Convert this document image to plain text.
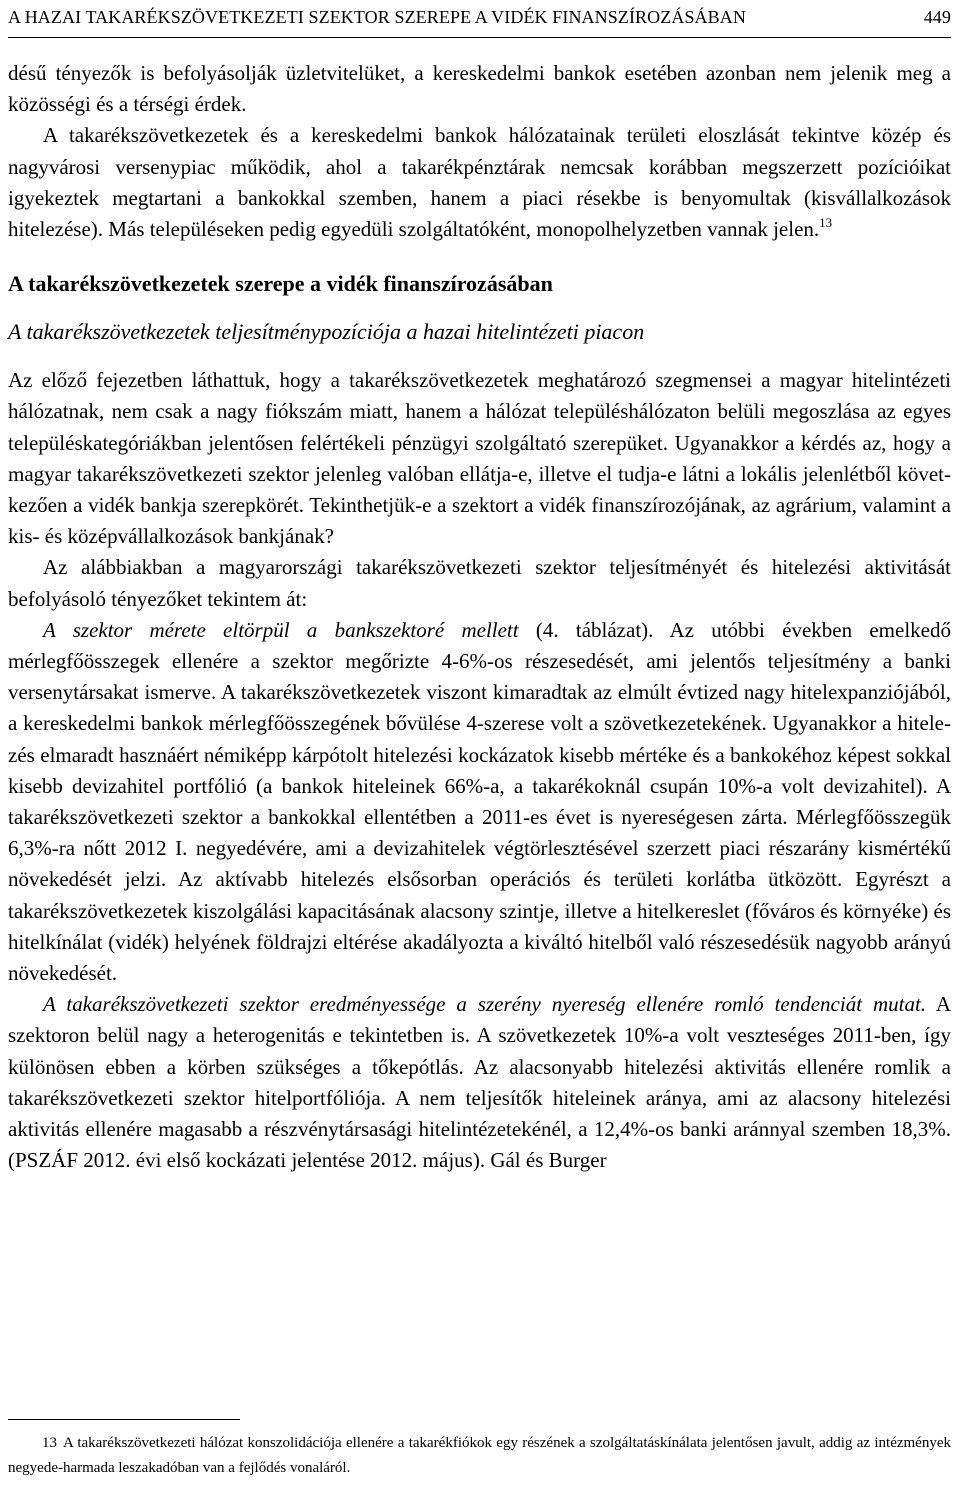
A HAZAI TAKARÉKSZÖVETKEZETI SZEKTOR SZEREPE A VIDÉK FINANSZÍROZÁSÁBAN	449

désű tényezők is befolyásolják üzletvitelüket, a kereskedelmi bankok esetében azonban nem jelenik meg a közösségi és a térségi érdek.

A takarékszövetkezetek és a kereskedelmi bankok hálózatainak területi eloszlását tekintve közép és nagyvárosi versenypiac működik, ahol a takarékpénztárak nemcsak korábban megszerzett pozícióikat igyekeztek megtartani a bankokkal szemben, hanem a piaci résekbe is benyomultak (kisvállalkozások hitelezése). Más településeken pedig egyedüli szolgáltatóként, monopolhelyzetben vannak jelen.$^{13}$

A takarékszövetkezetek szerepe a vidék finanszírozásában

A takarékszövetkezetek teljesítménypozíciója a hazai hitelintézeti piacon

Az előző fejezetben láthattuk, hogy a takarékszövetkezetek meghatározó szegmensei a magyar hitelintézeti hálózatnak, nem csak a nagy fiókszám miatt, hanem a hálózat településhálózaton belüli megoszlása az egyes településkategóriákban jelentősen felértékeli pénzügyi szolgáltató szerepüket. Ugyanakkor a kérdés az, hogy a magyar takarékszövetkezeti szektor jelenleg valóban ellátja-e, illetve el tudja-e látni a lokális jelenlétből következően a vidék bankja szerepkörét. Tekinthetjük-e a szektort a vidék finanszírozójának, az agrárium, valamint a kis- és középvállalkozások bankjának?

Az alábbiakban a magyarországi takarékszövetkezeti szektor teljesítményét és hitelezési aktivitását befolyásoló tényezőket tekintem át:

A szektor mérete eltörpül a bankszektoré mellett (4. táblázat). Az utóbbi években emelkedő mérlegfőösszegek ellenére a szektor megőrizte 4-6%-os részesedését, ami jelentős teljesítmény a banki versenytársakat ismerve. A takarékszövetkezetek viszont kimaradtak az elmúlt évtized nagy hitelexpanziójából, a kereskedelmi bankok mérlegfőösszegének bővülése 4-szerese volt a szövetkezetekének. Ugyanakkor a hitelezés elmaradt hasznáért némiképp kárpótolt hitelezési kockázatok kisebb mértéke és a bankokéhoz képest sokkal kisebb devizahitel portfólió (a bankok hiteleinek 66%-a, a takarékoknál csupán 10%-a volt devizahitel). A takarékszövetkezeti szektor a bankokkal ellentétben a 2011-es évet is nyereségesen zárta. Mérlegfőösszegük 6,3%-ra nőtt 2012 I. negyedévére, ami a devizahitelek végtörlesztésével szerzett piaci részarány kismértékű növekedését jelzi. Az aktívabb hitelezés elsősorban operációs és területi korlátba ütközött. Egyrészt a takarékszövetkezetek kiszolgálási kapacitásának alacsony szintje, illetve a hitelkereslet (főváros és környéke) és hitelkínálat (vidék) helyének földrajzi eltérése akadályozta a kiváltó hitelből való részesedésük nagyobb arányú növekedését.

A takarékszövetkezeti szektor eredményessége a szerény nyereség ellenére romló tendenciát mutat. A szektoron belül nagy a heterogenitás e tekintetben is. A szövetkezetek 10%-a volt veszteséges 2011-ben, így különösen ebben a körben szükséges a tőkepótlás. Az alacsonyabb hitelezési aktivitás ellenére romlik a takarékszövetkezeti szektor hitelportfóliója. A nem teljesítők hiteleinek aránya, ami az alacsony hitelezési aktivitás ellenére magasabb a részvénytársasági hitelintézetekénél, a 12,4%-os banki aránnyal szemben 18,3%. (PSZÁF 2012. évi első kockázati jelentése 2012. május). Gál és Burger

13 A takarékszövetkezeti hálózat konszolidációja ellenére a takarékfiókok egy részének a szolgáltatáskínálata jelentősen javult, addig az intézmények negyede-harmada leszakadóban van a fejlődés vonaláról.
